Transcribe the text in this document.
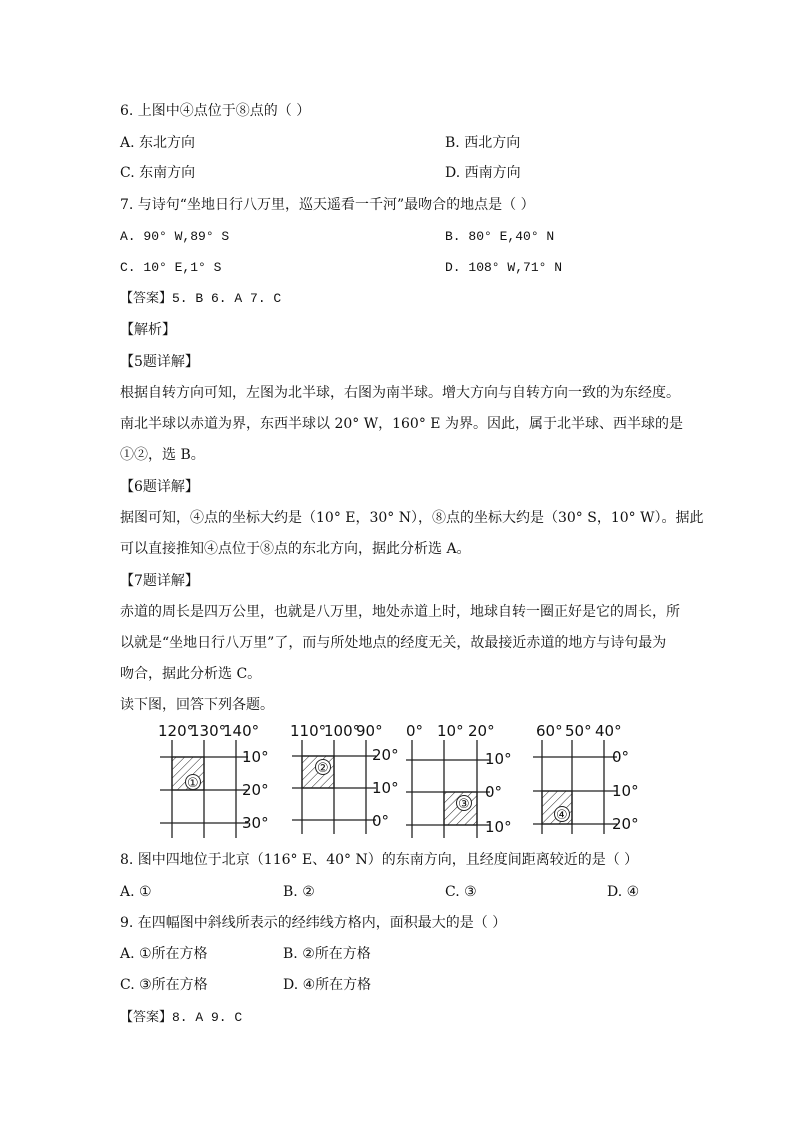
6. 上图中④点位于⑧点的（ ）
A. 东北方向	B. 西北方向
C. 东南方向	D. 西南方向
7. 与诗句“坐地日行八万里，巡天遥看一千河”最吻合的地点是（ ）
A. 90° W,89° S	B. 80° E,40° N
C. 10° E,1° S	D. 108° W,71° N
【答案】5. B 6. A 7. C
【解析】
【5题详解】
根据自转方向可知，左图为北半球，右图为南半球。增大方向与自转方向一致的为东经度。
南北半球以赤道为界，东西半球以 20° W，160° E 为界。因此，属于北半球、西半球的是
①②，选 B。
【6题详解】
据图可知，④点的坐标大约是（10° E，30° N），⑧点的坐标大约是（30° S，10° W）。据此
可以直接推知④点位于⑧点的东北方向，据此分析选 A。
【7题详解】
赤道的周长是四万公里，也就是八万里，地处赤道上时，地球自转一圈正好是它的周长，所
以就是“坐地日行八万里”了，而与所处地点的经度无关，故最接近赤道的地方与诗句最为
吻合，据此分析选 C。
读下图，回答下列各题。
120°
130°
140°
10°
20°
30°
①
110°
100°
90°
20°
10°
0°
②
0° 10° 20°
10°
0°
10°
③
60° 50° 40°
0°
10°
20°
④
8. 图中四地位于北京（116° E、40° N）的东南方向，且经度间距离较近的是（ ）
A. ①	B. ②	C. ③	D. ④
9. 在四幅图中斜线所表示的经纬线方格内，面积最大的是（ ）
A. ①所在方格	B. ②所在方格
C. ③所在方格	D. ④所在方格
【答案】8. A 9. C
